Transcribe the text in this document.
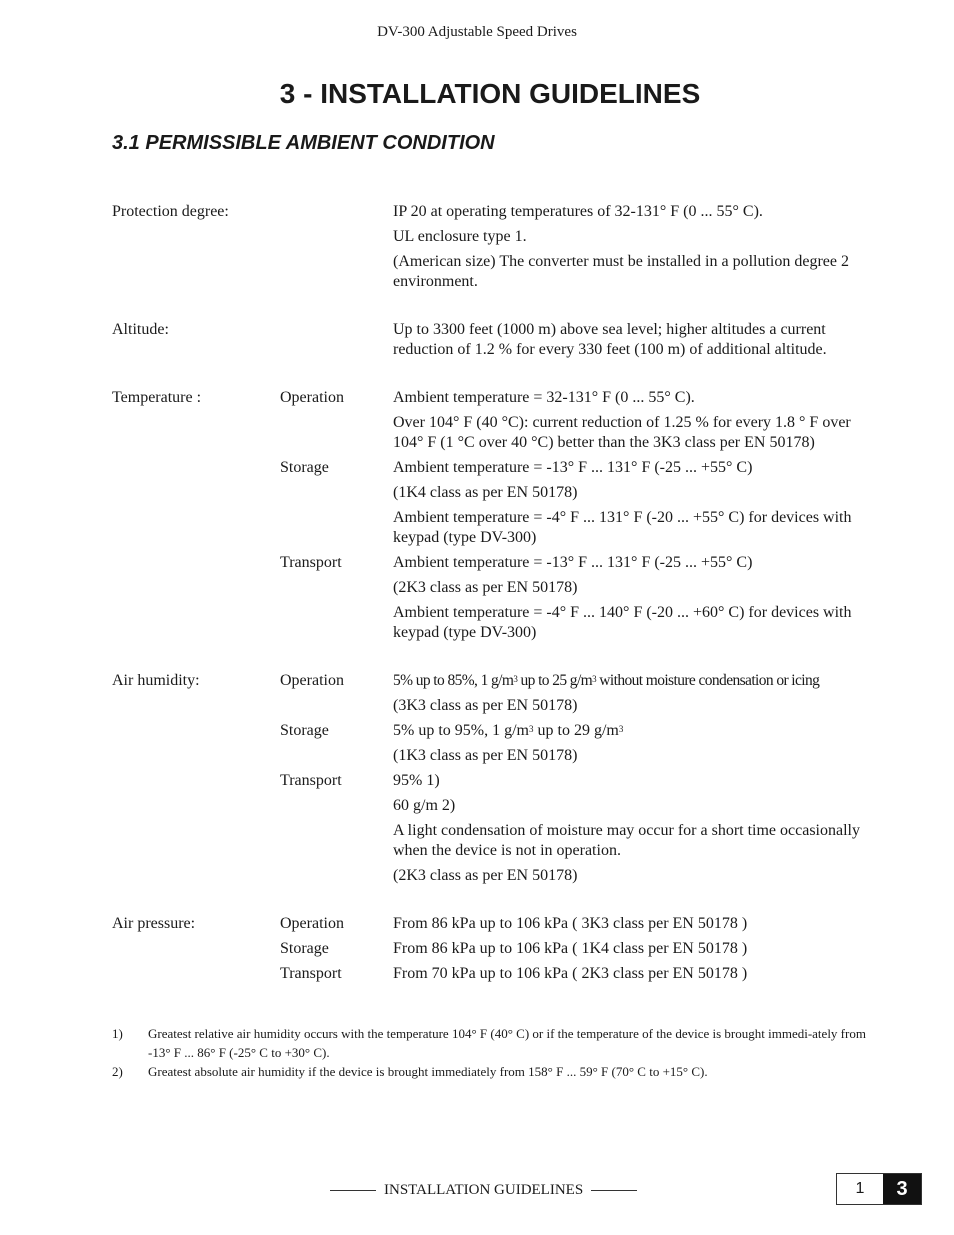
DV-300 Adjustable Speed Drives
3 - INSTALLATION GUIDELINES
3.1 PERMISSIBLE AMBIENT CONDITION
Protection degree:	IP 20 at operating temperatures of 32-131° F (0 ... 55° C).
UL enclosure type 1.
(American size) The converter must be installed in a pollution degree 2 environment.
Altitude:	Up to 3300 feet (1000 m) above sea level; higher altitudes a current reduction of 1.2 % for every 330 feet (100 m) of additional altitude.
Temperature :	Operation	Ambient temperature = 32-131° F (0 ... 55° C).
Over 104° F (40 °C): current reduction of 1.25 % for every 1.8 ° F over 104° F (1 °C over 40 °C) better than the 3K3 class per EN 50178)
Storage	Ambient temperature = -13° F ... 131° F (-25 ... +55° C)
(1K4 class as per EN 50178)
Ambient temperature = -4° F ... 131° F (-20 ... +55° C) for devices with keypad (type DV-300)
Transport	Ambient temperature = -13° F ... 131° F (-25 ... +55° C)
(2K3 class as per EN 50178)
Ambient temperature = -4° F ... 140° F (-20 ... +60° C) for devices with keypad (type DV-300)
Air humidity:	Operation	5% up to 85%, 1 $g/m^3$ up to 25 $g/m^3$ without moisture condensation or icing
(3K3 class as per EN 50178)
Storage	5% up to 95%, 1 $g/m^3$ up to 29 $g/m^3$
(1K3 class as per EN 50178)
Transport	95% 1)
60 g/m 2)
A light condensation of moisture may occur for a short time occasionally when the device is not in operation.
(2K3 class as per EN 50178)
Air pressure:	Operation	From 86 kPa up to 106 kPa ( 3K3 class per EN 50178 )
Storage	From 86 kPa up to 106 kPa ( 1K4 class per EN 50178 )
Transport	From 70 kPa up to 106 kPa ( 2K3 class per EN 50178 )
1)	Greatest relative air humidity occurs with the temperature 104° F (40° C) or if the temperature of the device is brought immedi-ately from -13° F ... 86° F (-25° C to +30° C).
2)	Greatest absolute air humidity if the device is brought immediately from 158° F ... 59° F (70° C to +15° C).
INSTALLATION GUIDELINES	1	3
